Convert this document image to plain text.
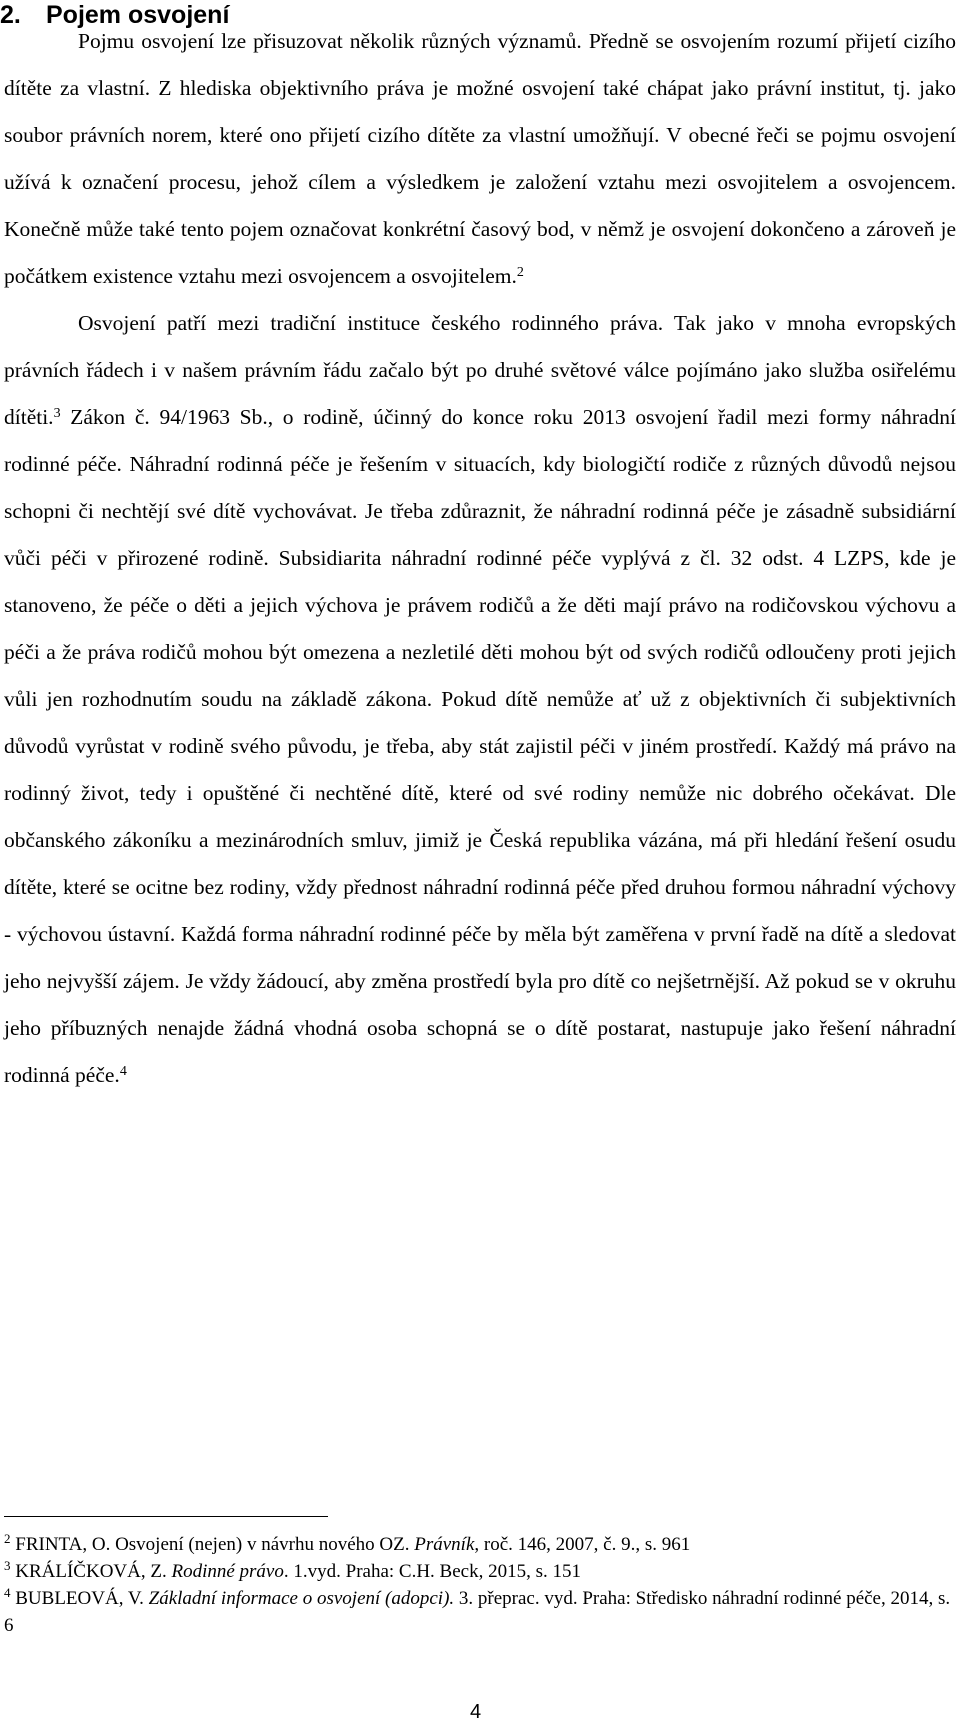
2. Pojem osvojení

Pojmu osvojení lze přisuzovat několik různých významů. Předně se osvojením rozumí přijetí cizího dítěte za vlastní. Z hlediska objektivního práva je možné osvojení také chápat jako právní institut, tj. jako soubor právních norem, které ono přijetí cizího dítěte za vlastní umožňují. V obecné řeči se pojmu osvojení užívá k označení procesu, jehož cílem a výsledkem je založení vztahu mezi osvojitelem a osvojencem. Konečně může také tento pojem označovat konkrétní časový bod, v němž je osvojení dokončeno a zároveň je počátkem existence vztahu mezi osvojencem a osvojitelem.$^2$

Osvojení patří mezi tradiční instituce českého rodinného práva. Tak jako v mnoha evropských právních řádech i v našem právním řádu začalo být po druhé světové válce pojímáno jako služba osiřelému dítěti.$^3$ Zákon č. 94/1963 Sb., o rodině, účinný do konce roku 2013 osvojení řadil mezi formy náhradní rodinné péče. Náhradní rodinná péče je řešením v situacích, kdy biologičtí rodiče z různých důvodů nejsou schopni či nechtějí své dítě vychovávat. Je třeba zdůraznit, že náhradní rodinná péče je zásadně subsidiární vůči péči v přirozené rodině. Subsidiarita náhradní rodinné péče vyplývá z čl. 32 odst. 4 LZPS, kde je stanoveno, že péče o děti a jejich výchova je právem rodičů a že děti mají právo na rodičovskou výchovu a péči a že práva rodičů mohou být omezena a nezletilé děti mohou být od svých rodičů odloučeny proti jejich vůli jen rozhodnutím soudu na základě zákona. Pokud dítě nemůže ať už z objektivních či subjektivních důvodů vyrůstat v rodině svého původu, je třeba, aby stát zajistil péči v jiném prostředí. Každý má právo na rodinný život, tedy i opuštěné či nechtěné dítě, které od své rodiny nemůže nic dobrého očekávat. Dle občanského zákoníku a mezinárodních smluv, jimiž je Česká republika vázána, má při hledání řešení osudu dítěte, které se ocitne bez rodiny, vždy přednost náhradní rodinná péče před druhou formou náhradní výchovy - výchovou ústavní. Každá forma náhradní rodinné péče by měla být zaměřena v první řadě na dítě a sledovat jeho nejvyšší zájem. Je vždy žádoucí, aby změna prostředí byla pro dítě co nejšetrnější. Až pokud se v okruhu jeho příbuzných nenajde žádná vhodná osoba schopná se o dítě postarat, nastupuje jako řešení náhradní rodinná péče.$^4$

$^2$ FRINTA, O. Osvojení (nejen) v návrhu nového OZ. Právník, roč. 146, 2007, č. 9., s. 961

$^3$ KRÁLÍČKOVÁ, Z. Rodinné právo. 1.vyd. Praha: C.H. Beck, 2015, s. 151

$^4$ BUBLEOVÁ, V. Základní informace o osvojení (adopci). 3. přeprac. vyd. Praha: Středisko náhradní rodinné péče, 2014, s. 6

4
